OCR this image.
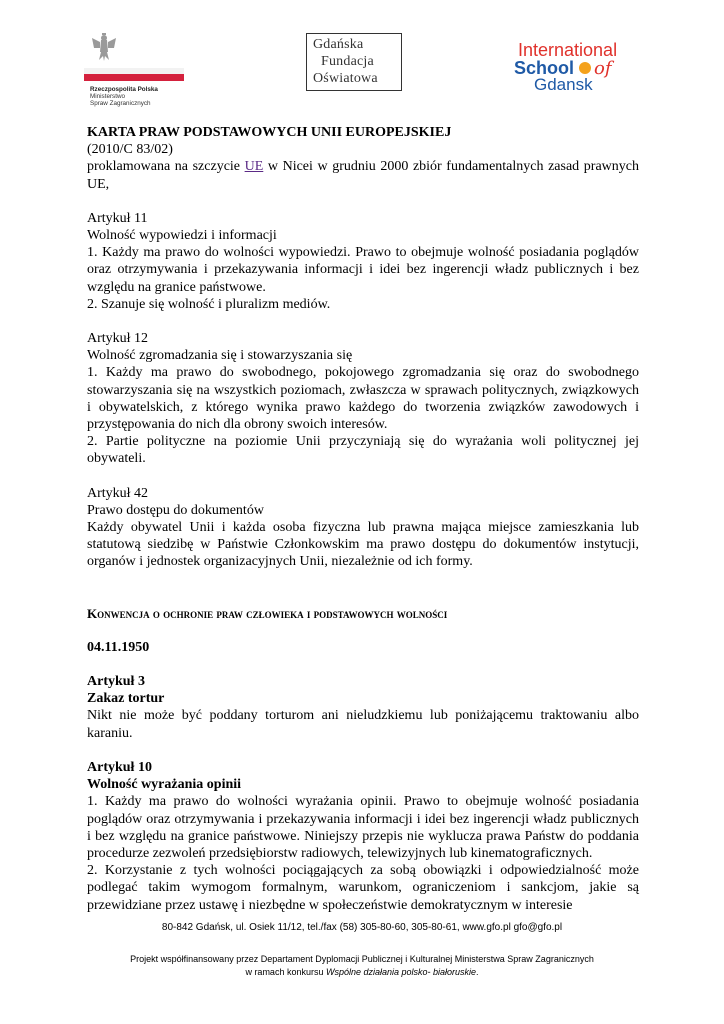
Rzeczpospolita Polska
Ministerstwo
Spraw Zagranicznych
Gdańska
Fundacja
Oświatowa
International
School of
Gdansk

KARTA PRAW PODSTAWOWYCH UNII EUROPEJSKIEJ

(2010/C 83/02)

proklamowana na szczycie UE w Nicei w grudniu 2000 zbiór fundamentalnych zasad prawnych UE,

Artykuł 11

Wolność wypowiedzi i informacji

1. Każdy ma prawo do wolności wypowiedzi. Prawo to obejmuje wolność posiadania poglądów oraz otrzymywania i przekazywania informacji i idei bez ingerencji władz publicznych i bez względu na granice państwowe.

2. Szanuje się wolność i pluralizm mediów.

Artykuł 12

Wolność zgromadzania się i stowarzyszania się

1. Każdy ma prawo do swobodnego, pokojowego zgromadzania się oraz do swobodnego stowarzyszania się na wszystkich poziomach, zwłaszcza w sprawach politycznych, związkowych i obywatelskich, z którego wynika prawo każdego do tworzenia związków zawodowych i przystępowania do nich dla obrony swoich interesów.

2. Partie polityczne na poziomie Unii przyczyniają się do wyrażania woli politycznej jej obywateli.

Artykuł 42

Prawo dostępu do dokumentów

Każdy obywatel Unii i każda osoba fizyczna lub prawna mająca miejsce zamieszkania lub statutową siedzibę w Państwie Członkowskim ma prawo dostępu do dokumentów instytucji, organów i jednostek organizacyjnych Unii, niezależnie od ich formy.

Konwencja o ochronie praw człowieka i podstawowych wolności

04.11.1950

Artykuł 3

Zakaz tortur

Nikt nie może być poddany torturom ani nieludzkiemu lub poniżającemu traktowaniu albo karaniu.

Artykuł 10

Wolność wyrażania opinii

1. Każdy ma prawo do wolności wyrażania opinii. Prawo to obejmuje wolność posiadania poglądów oraz otrzymywania i przekazywania informacji i idei bez ingerencji władz publicznych i bez względu na granice państwowe. Niniejszy przepis nie wyklucza prawa Państw do poddania procedurze zezwoleń przedsiębiorstw radiowych, telewizyjnych lub kinematograficznych.

2. Korzystanie z tych wolności pociągających za sobą obowiązki i odpowiedzialność może podlegać takim wymogom formalnym, warunkom, ograniczeniom i sankcjom, jakie są przewidziane przez ustawę i niezbędne w społeczeństwie demokratycznym w interesie

80-842 Gdańsk, ul. Osiek 11/12, tel./fax (58) 305-80-60, 305-80-61, www.gfo.pl gfo@gfo.pl
Projekt współfinansowany przez Departament Dyplomacji Publicznej i Kulturalnej Ministerstwa Spraw Zagranicznych
w ramach konkursu Wspólne działania polsko- białoruskie.
